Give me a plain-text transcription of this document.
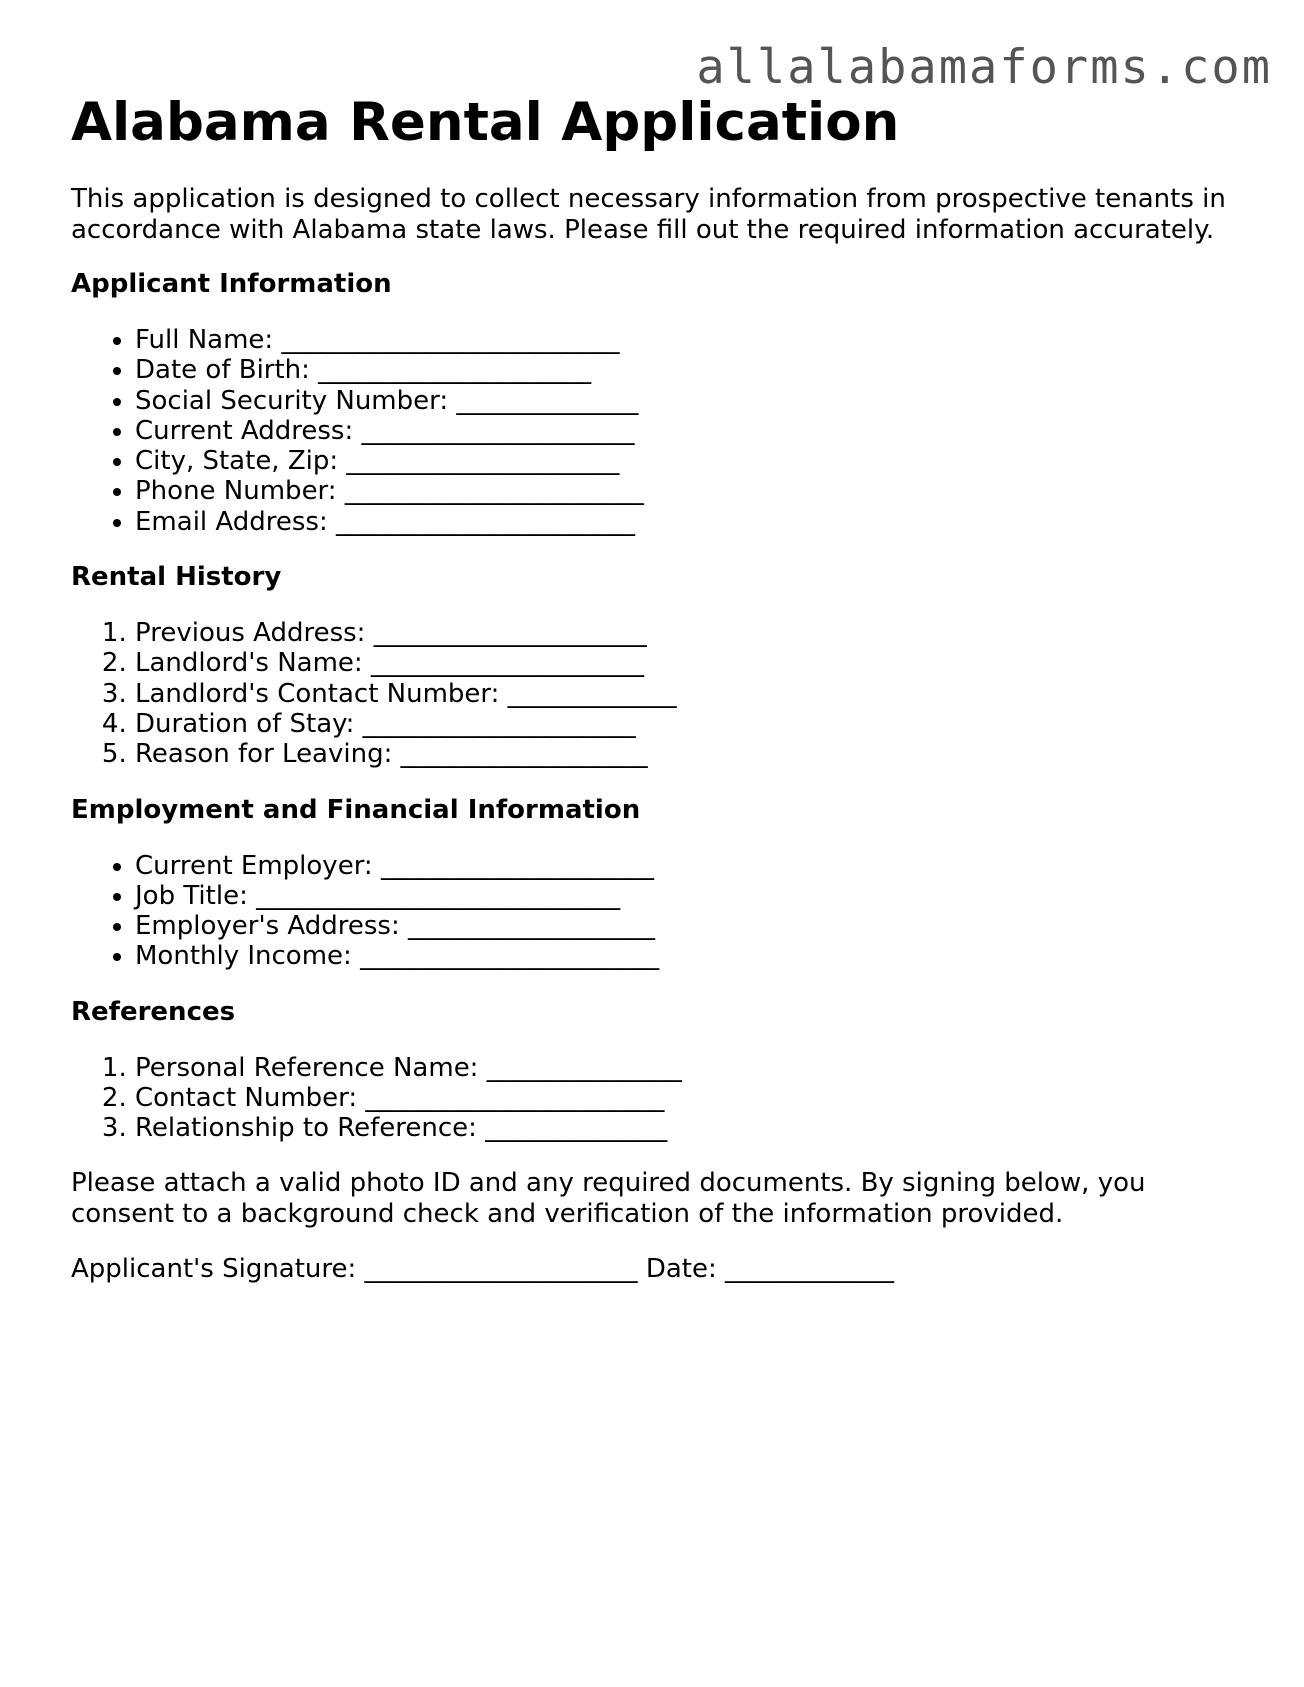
allalabamaforms.com
Alabama Rental Application

This application is designed to collect necessary information from prospective tenants in accordance with Alabama state laws. Please fill out the required information accurately.

Applicant Information
• Full Name: __________________________
• Date of Birth: _____________________
• Social Security Number: ______________
• Current Address: _____________________
• City, State, Zip: _____________________
• Phone Number: _______________________
• Email Address: _______________________
Rental History
1. Previous Address: _____________________
2. Landlord's Name: _____________________
3. Landlord's Contact Number: _____________
4. Duration of Stay: _____________________
5. Reason for Leaving: ___________________
Employment and Financial Information
• Current Employer: _____________________
• Job Title: ____________________________
• Employer's Address: ___________________
• Monthly Income: _______________________
References
1. Personal Reference Name: _______________
2. Contact Number: _______________________
3. Relationship to Reference: ______________

Please attach a valid photo ID and any required documents. By signing below, you consent to a background check and verification of the information provided.

Applicant's Signature: _____________________ Date: _____________
